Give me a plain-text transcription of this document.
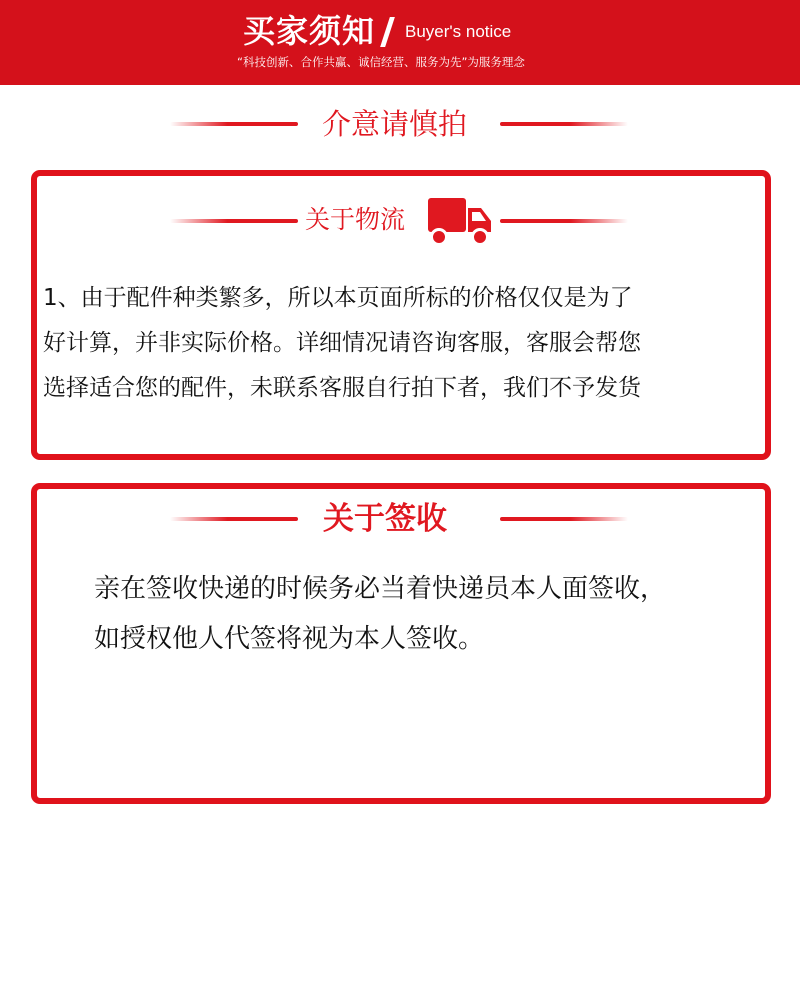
买家须知 Buyer's notice
“科技创新、合作共赢、诚信经营、服务为先”为服务理念
介意请慎拍
关于物流
1、由于配件种类繁多，所以本页面所标的价格仅仅是为了
好计算，并非实际价格。详细情况请咨询客服，客服会帮您
选择适合您的配件，未联系客服自行拍下者，我们不予发货
关于签收
亲在签收快递的时候务必当着快递员本人面签收，
如授权他人代签将视为本人签收。
